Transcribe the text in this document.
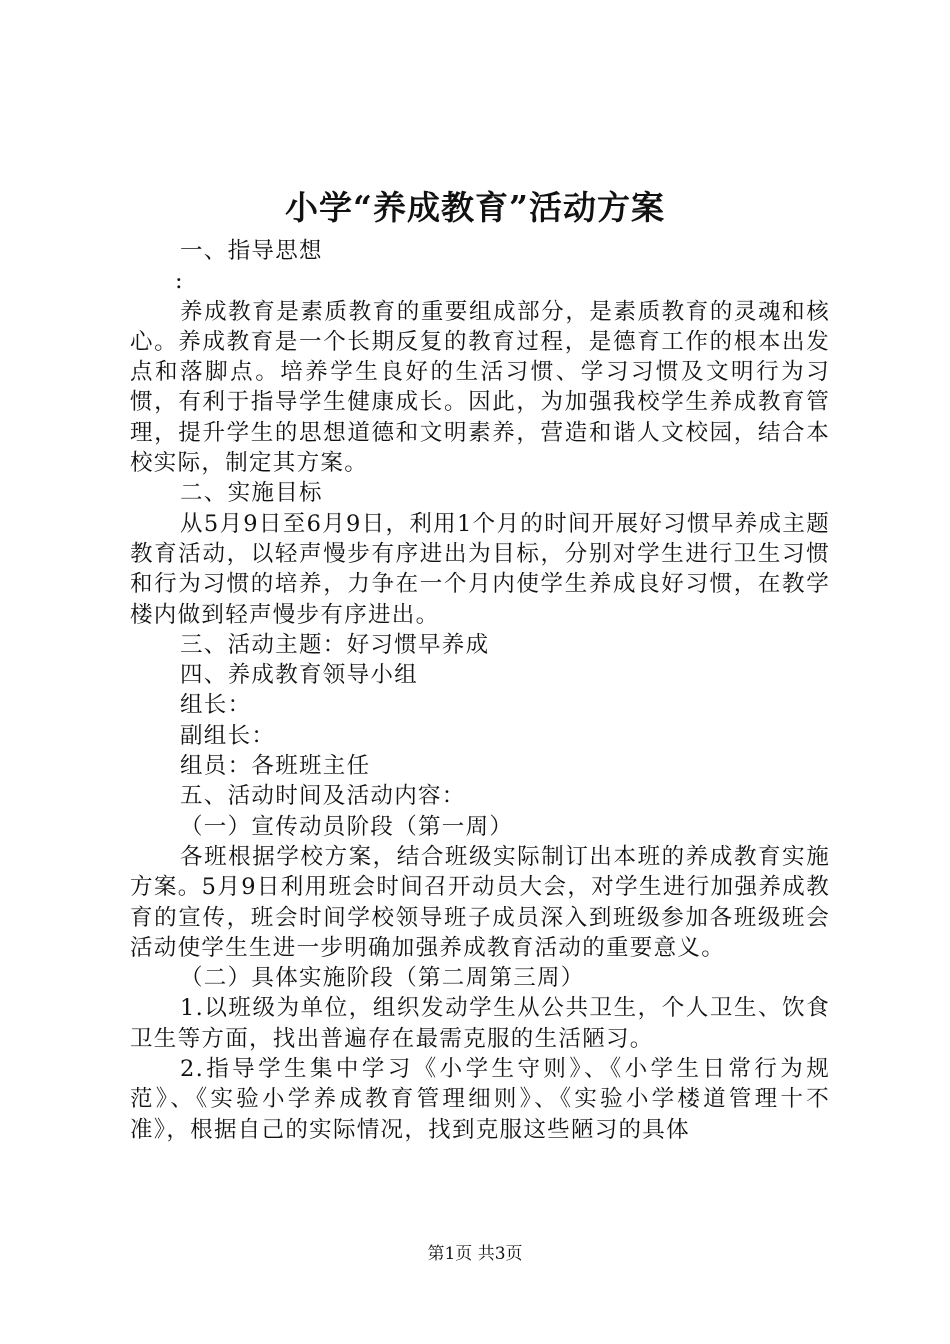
小学“养成教育”活动方案

一、指导思想

:

养成教育是素质教育的重要组成部分，是素质教育的灵魂和核心。养成教育是一个长期反复的教育过程，是德育工作的根本出发点和落脚点。培养学生良好的生活习惯、学习习惯及文明行为习惯，有利于指导学生健康成长。因此，为加强我校学生养成教育管理，提升学生的思想道德和文明素养，营造和谐人文校园，结合本校实际，制定其方案。

二、实施目标

从5月9日至6月9日，利用1个月的时间开展好习惯早养成主题教育活动，以轻声慢步有序进出为目标，分别对学生进行卫生习惯和行为习惯的培养，力争在一个月内使学生养成良好习惯，在教学楼内做到轻声慢步有序进出。

三、活动主题：好习惯早养成

四、养成教育领导小组

组长：

副组长：

组员：各班班主任

五、活动时间及活动内容：

（一）宣传动员阶段（第一周）

各班根据学校方案，结合班级实际制订出本班的养成教育实施方案。5月9日利用班会时间召开动员大会，对学生进行加强养成教育的宣传，班会时间学校领导班子成员深入到班级参加各班级班会活动使学生生进一步明确加强养成教育活动的重要意义。

（二）具体实施阶段（第二周第三周）

1.以班级为单位，组织发动学生从公共卫生，个人卫生、饮食卫生等方面，找出普遍存在最需克服的生活陋习。

2.指导学生集中学习《小学生守则》、《小学生日常行为规范》、《实验小学养成教育管理细则》、《实验小学楼道管理十不准》，根据自己的实际情况，找到克服这些陋习的具体

第1页 共3页
